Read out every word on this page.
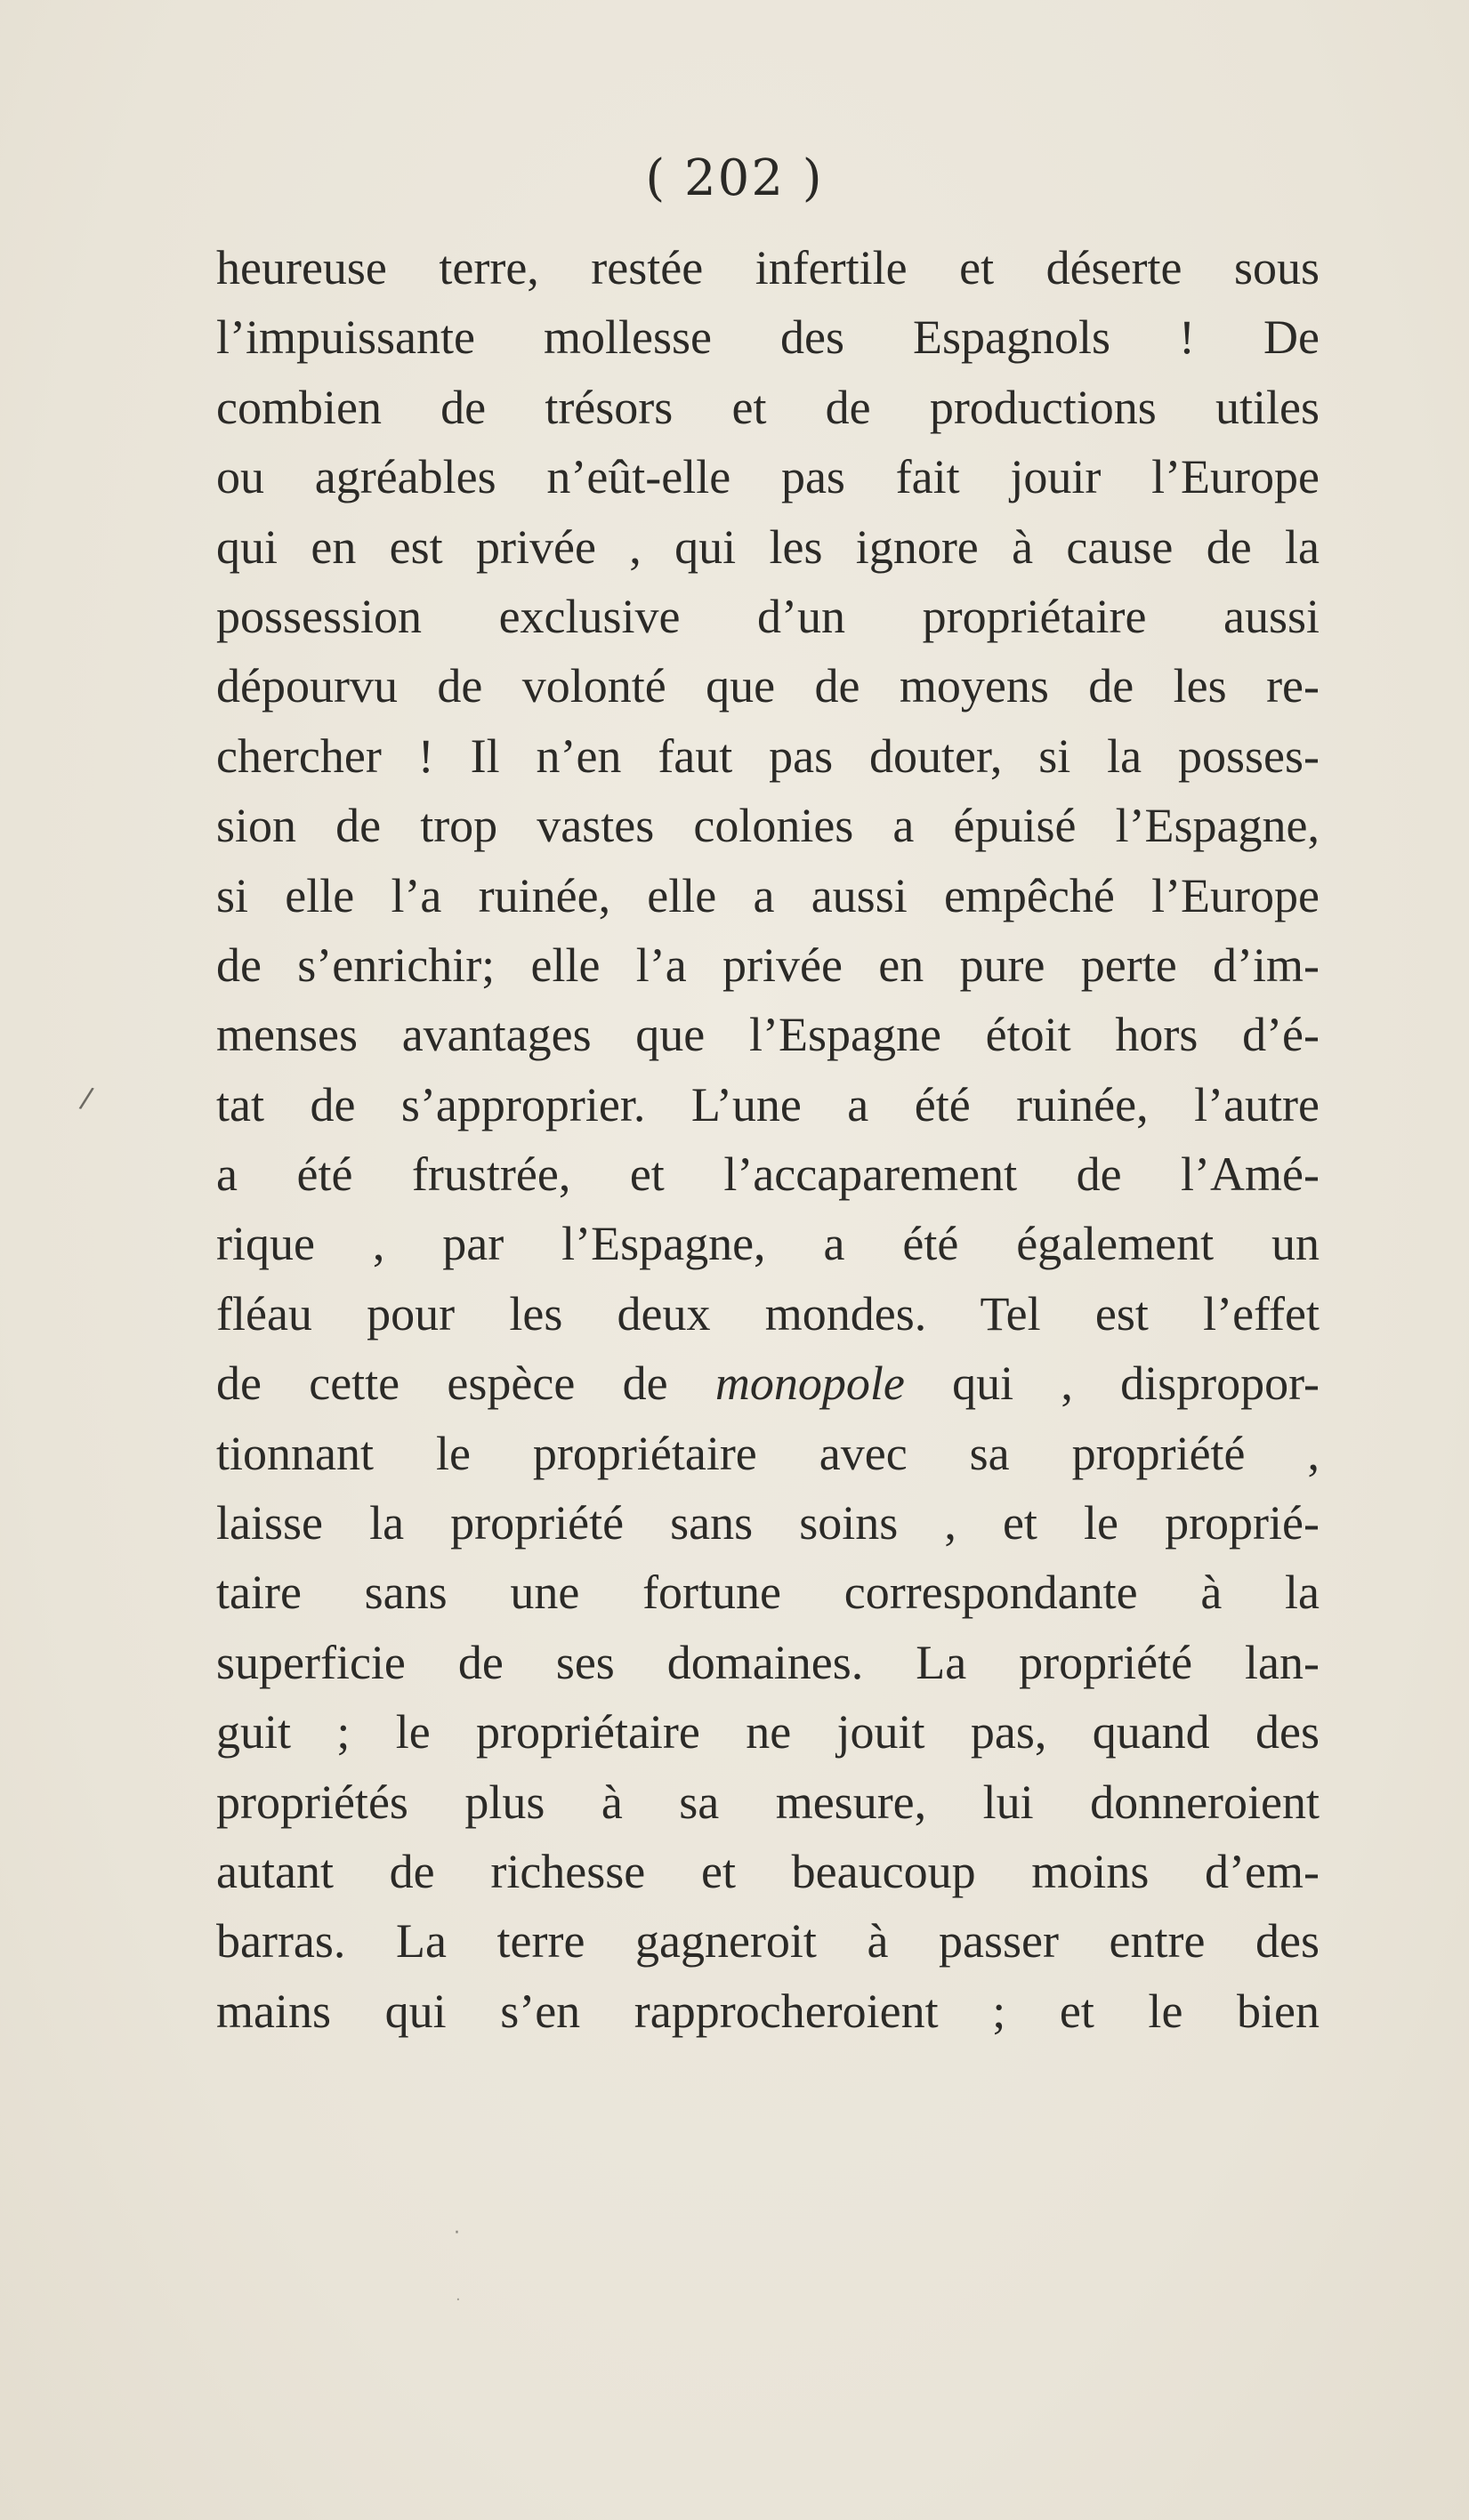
( 202 )
heureuse terre, restée infertile et déserte sous
l’impuissante mollesse des Espagnols ! De
combien de trésors et de productions utiles
ou agréables n’eût-elle pas fait jouir l’Europe
qui en est privée , qui les ignore à cause de la
possession exclusive d’un propriétaire aussi
dépourvu de volonté que de moyens de les re-
chercher ! Il n’en faut pas douter, si la posses-
sion de trop vastes colonies a épuisé l’Espagne,
si elle l’a ruinée, elle a aussi empêché l’Europe
de s’enrichir; elle l’a privée en pure perte d’im-
menses avantages que l’Espagne étoit hors d’é-
tat de s’approprier. L’une a été ruinée, l’autre
a été frustrée, et l’accaparement de l’Amé-
rique , par l’Espagne, a été également un
fléau pour les deux mondes. Tel est l’effet
de cette espèce de monopole qui , dispropor-
tionnant le propriétaire avec sa propriété ,
laisse la propriété sans soins , et le proprié-
taire sans une fortune correspondante à la
superficie de ses domaines. La propriété lan-
guit ; le propriétaire ne jouit pas, quand des
propriétés plus à sa mesure, lui donneroient
autant de richesse et beaucoup moins d’em-
barras. La terre gagneroit à passer entre des
mains qui s’en rapprocheroient ; et le bien
/
·
·
